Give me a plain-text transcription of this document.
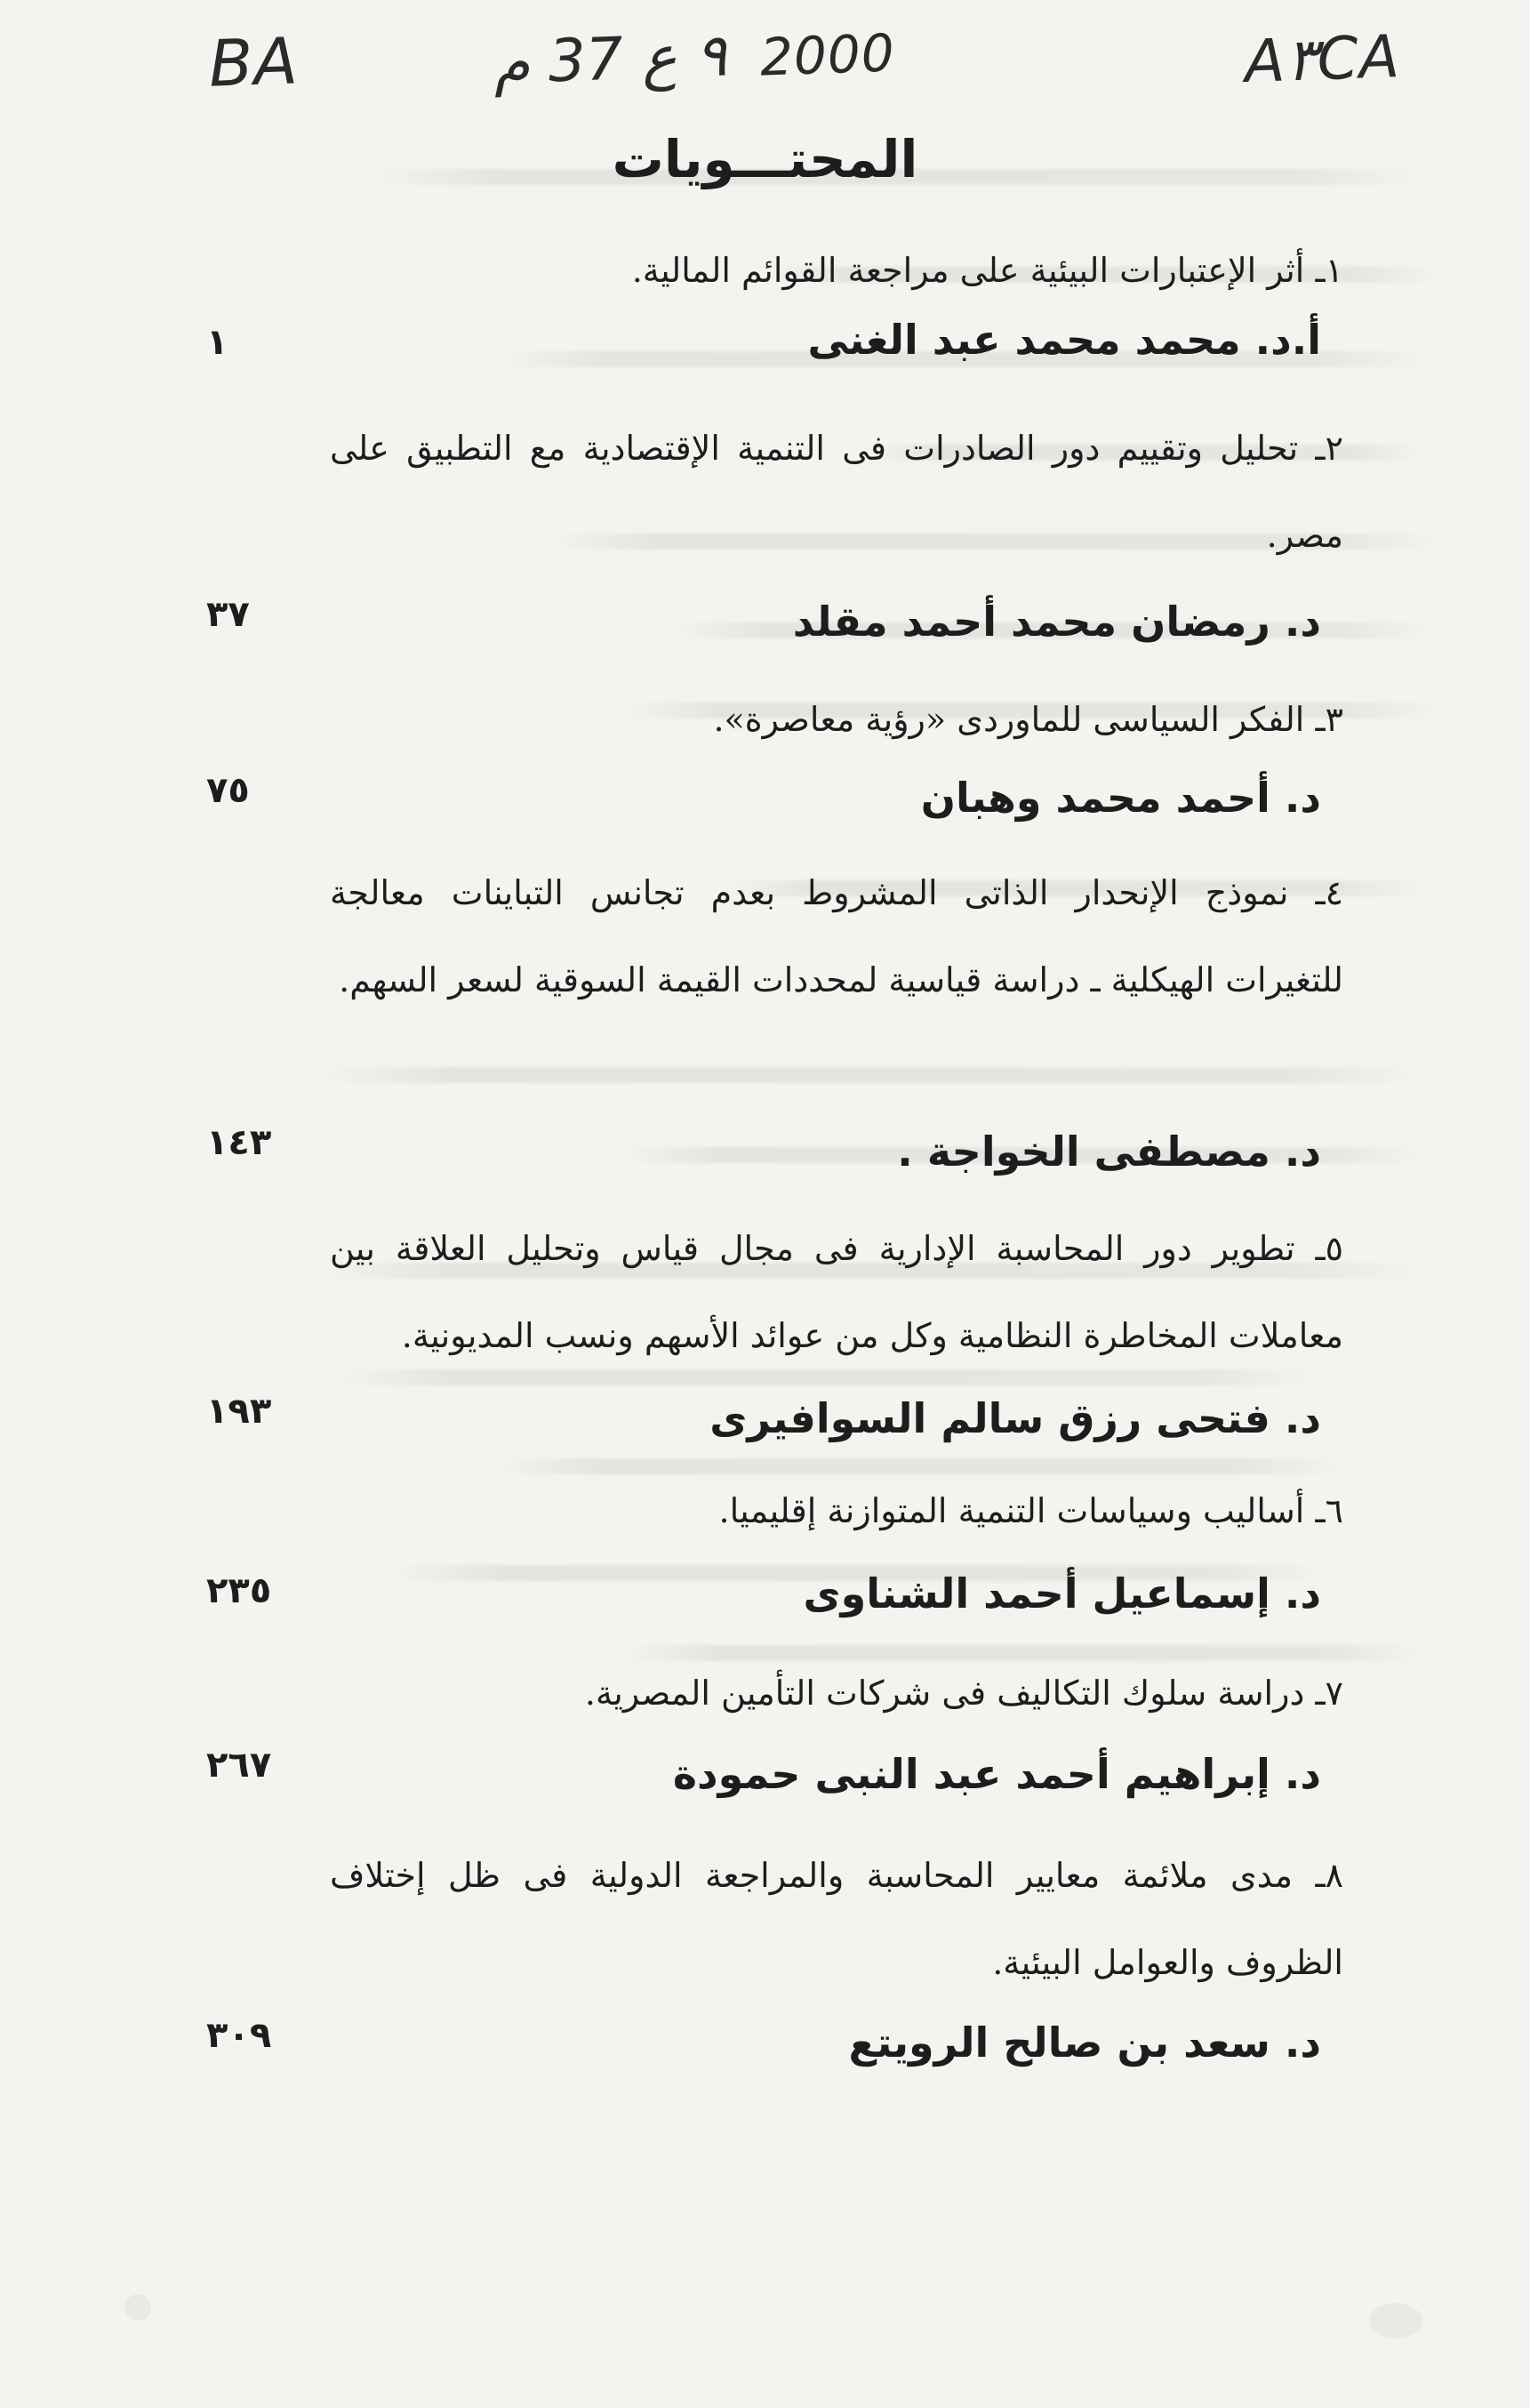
BA	٩ ع 37 م 2000	A٣CA
المحتـــويات
١ـ أثر الإعتبارات البيئية على مراجعة القوائم المالية.
أ.د. محمد محمد عبد الغنى
١
٢ـ تحليل وتقييم دور الصادرات فى التنمية الإقتصادية مع التطبيق على مصر.
د. رمضان محمد أحمد مقلد
٣٧
٣ـ الفكر السياسى للماوردى «رؤية معاصرة».
د. أحمد محمد وهبان
٧٥
٤ـ نموذج الإنحدار الذاتى المشروط بعدم تجانس التباينات معالجة للتغيرات الهيكلية ـ دراسة قياسية لمحددات القيمة السوقية لسعر السهم.
د. مصطفى الخواجة .
١٤٣
٥ـ تطوير دور المحاسبة الإدارية فى مجال قياس وتحليل العلاقة بين معاملات المخاطرة النظامية وكل من عوائد الأسهم ونسب المديونية.
د. فتحى رزق سالم السوافيرى
١٩٣
٦ـ أساليب وسياسات التنمية المتوازنة إقليميا.
د. إسماعيل أحمد الشناوى
٢٣٥
٧ـ دراسة سلوك التكاليف فى شركات التأمين المصرية.
د. إبراهيم أحمد عبد النبى حمودة
٢٦٧
٨ـ مدى ملائمة معايير المحاسبة والمراجعة الدولية فى ظل إختلاف الظروف والعوامل البيئية.
د. سعد بن صالح الرويتع
٣٠٩
